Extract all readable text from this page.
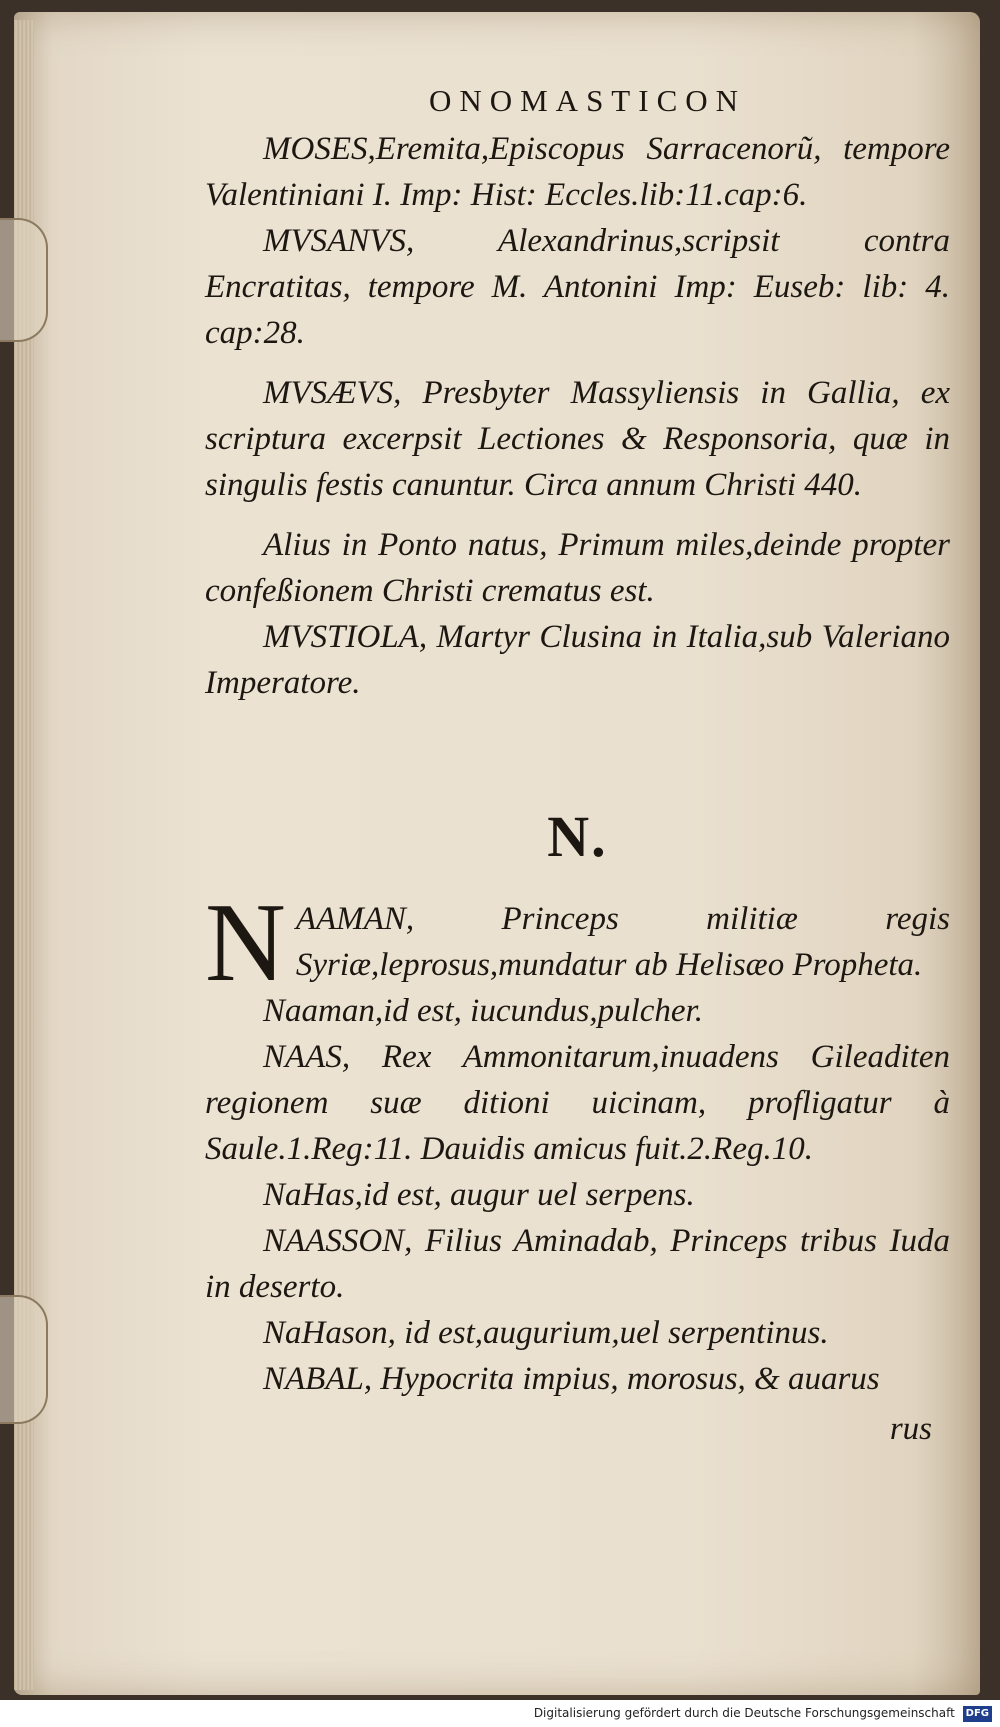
ONOMASTICON

MOSES,Eremita,Episcopus Sarracenorũ, tempore Valentiniani I. Imp: Hist: Eccles.lib:11.cap:6.

MVSANVS, Alexandrinus,scripsit contra Encratitas, tempore M. Antonini Imp: Euseb: lib: 4. cap:28.

MVSÆVS, Presbyter Massyliensis in Gallia, ex scriptura excerpsit Lectiones & Responsoria, quæ in singulis festis canuntur. Circa annum Christi 440.

Alius in Ponto natus, Primum miles,deinde propter confeßionem Christi crematus est.

MVSTIOLA, Martyr Clusina in Italia,sub Valeriano Imperatore.

N.
N AAMAN, Princeps militiæ regis Syriæ,leprosus,mundatur ab Helisæo Propheta.

Naaman,id est, iucundus,pulcher.

NAAS, Rex Ammonitarum,inuadens Gileaditen regionem suæ ditioni uicinam, profligatur à Saule.1.Reg:11. Dauidis amicus fuit.2.Reg.10.

NaHas,id est, augur uel serpens.

NAASSON, Filius Aminadab, Princeps tribus Iuda in deserto.

NaHason, id est,augurium,uel serpentinus.

NABAL, Hypocrita impius, morosus, & auarus

rus
Digitalisierung gefördert durch die Deutsche Forschungsgemeinschaft DFG
